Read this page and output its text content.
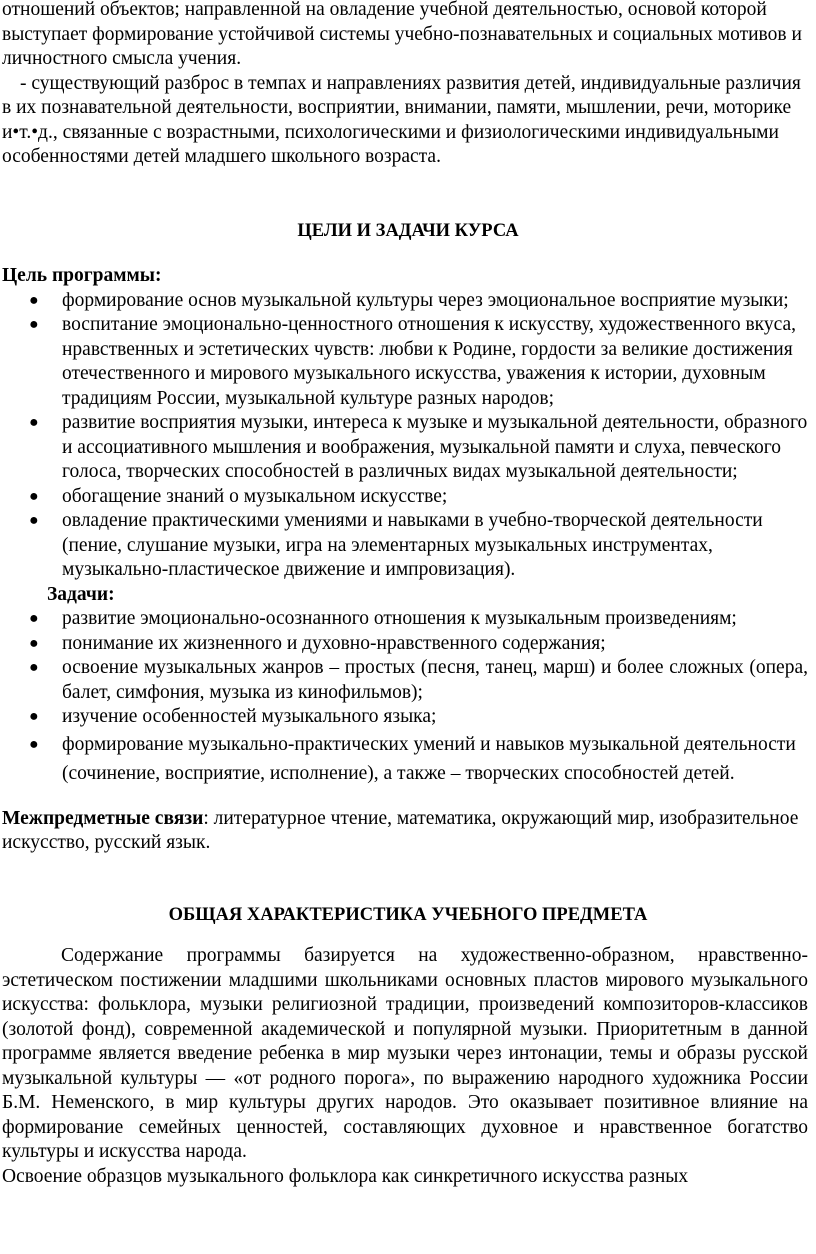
отношений объектов; направленной на овладение учебной деятельностью, основой которой выступает формирование устойчивой системы учебно-познавательных и социальных мотивов и личностного смысла учения.

- существующий разброс в темпах и направлениях развития детей, индивидуальные различия в их познавательной деятельности, восприятии, внимании, памяти, мышлении, речи, моторике и•т.•д., связанные с возрастными, психологическими и физиологическими индивидуальными особенностями детей младшего школьного возраста.

ЦЕЛИ И ЗАДАЧИ КУРСА

Цель программы:

● формирование основ музыкальной культуры через эмоциональное восприятие музыки;
● воспитание эмоционально-ценностного отношения к искусству, художественного вкуса, нравственных и эстетических чувств: любви к Родине, гордости за великие достижения отечественного и мирового музыкального искусства, уважения к истории, духовным традициям России, музыкальной культуре разных народов;
● развитие восприятия музыки, интереса к музыке и музыкальной деятельности, образного и ассоциативного мышления и воображения, музыкальной памяти и слуха, певческого голоса, творческих способностей в различных видах музыкальной деятельности;
● обогащение знаний о музыкальном искусстве;
● овладение практическими умениями и навыками в учебно-творческой деятельности (пение, слушание музыки, игра на элементарных музыкальных инструментах, музыкально-пластическое движение и импровизация).

Задачи:

● развитие эмоционально-осознанного отношения к музыкальным произведениям;
● понимание их жизненного и духовно-нравственного содержания;
● освоение музыкальных жанров – простых (песня, танец, марш) и более сложных (опера, балет, симфония, музыка из кинофильмов);
● изучение особенностей музыкального языка;
● формирование музыкально-практических умений и навыков музыкальной деятельности (сочинение, восприятие, исполнение), а также – творческих способностей детей.

Межпредметные связи: литературное чтение, математика, окружающий мир, изобразительное искусство, русский язык.

ОБЩАЯ ХАРАКТЕРИСТИКА УЧЕБНОГО ПРЕДМЕТА

Содержание программы базируется на художественно-образном, нравственно-эстетическом постижении младшими школьниками основных пластов мирового музыкального искусства: фольклора, музыки религиозной традиции, произведений композиторов-классиков (золотой фонд), современной академической и популярной музыки. Приоритетным в данной программе является введение ребенка в мир музыки через интонации, темы и образы русской музыкальной культуры — «от родного порога», по выражению народного художника России Б.М. Неменского, в мир культуры других народов. Это оказывает позитивное влияние на формирование семейных ценностей, составляющих духовное и нравственное богатство культуры и искусства народа.

Освоение образцов музыкального фольклора как синкретичного искусства разных
